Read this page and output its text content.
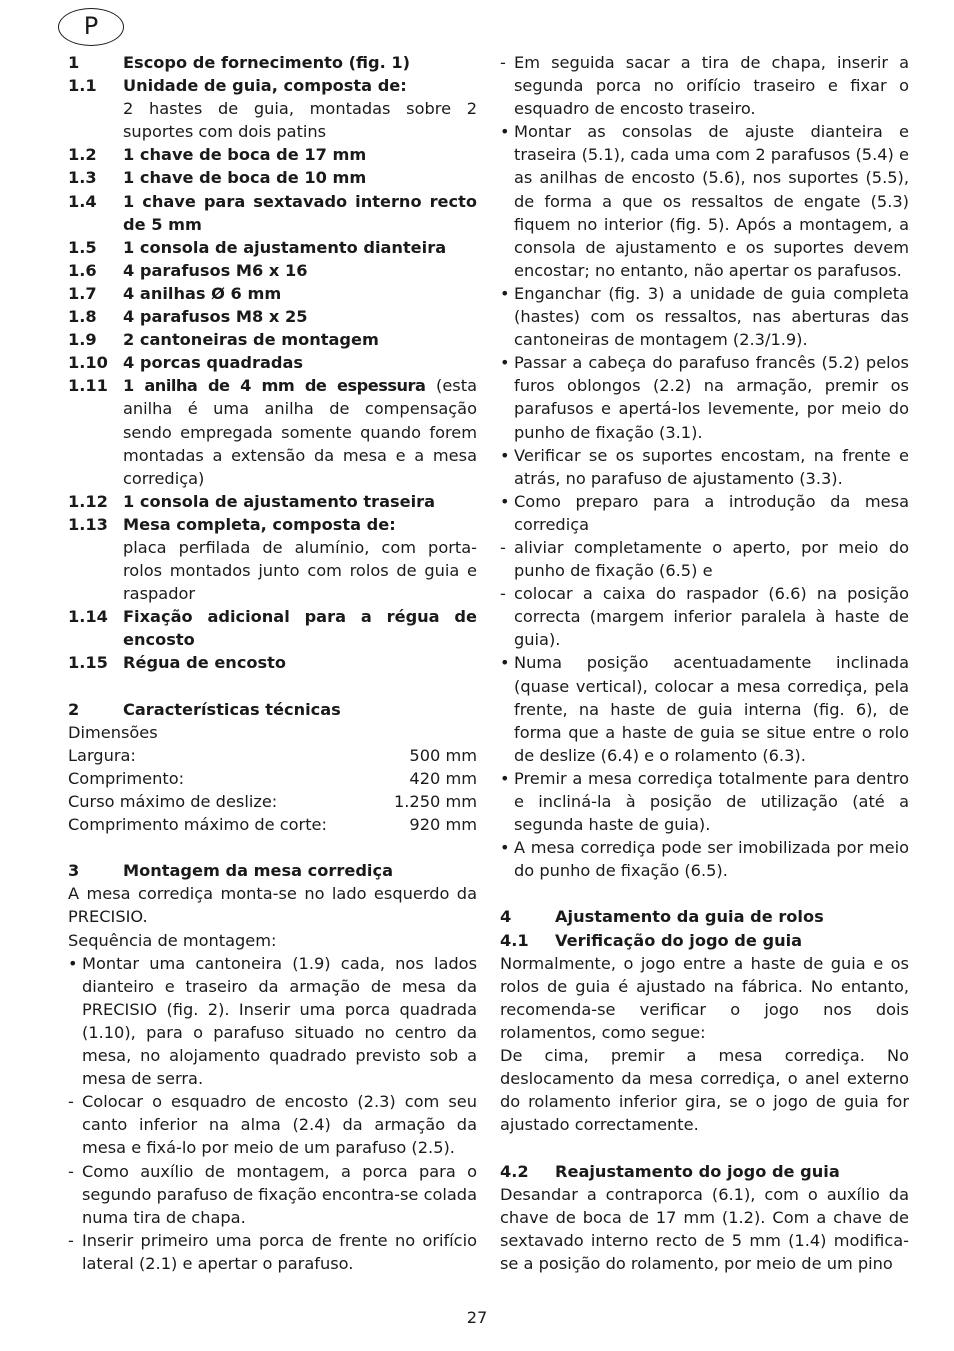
P
1	Escopo de fornecimento (fig. 1)
1.1	Unidade de guia, composta de:
2 hastes de guia, montadas sobre 2 suportes com dois patins
1.2	1 chave de boca de 17 mm
1.3	1 chave de boca de 10 mm
1.4	1 chave para sextavado interno recto de 5 mm
1.5	1 consola de ajustamento dianteira
1.6	4 parafusos M6 x 16
1.7	4 anilhas Ø 6 mm
1.8	4 parafusos M8 x 25
1.9	2 cantoneiras de montagem
1.10 4 porcas quadradas
1.11 1 anilha de 4 mm de espessura (esta anilha é uma anilha de compensação sendo empregada somente quando forem montadas a extensão da mesa e a mesa corrediça)
1.12 1 consola de ajustamento traseira
1.13 Mesa completa, composta de:
placa perfilada de alumínio, com porta-rolos montados junto com rolos de guia e raspador
1.14 Fixação adicional para a régua de encosto
1.15 Régua de encosto
2	Características técnicas
Dimensões
Largura:	500 mm
Comprimento:	420 mm
Curso máximo de deslize:	1.250 mm
Comprimento máximo de corte:	920 mm
3	Montagem da mesa corrediça
A mesa corrediça monta-se no lado esquerdo da PRECISIO.
Sequência de montagem:
• Montar uma cantoneira (1.9) cada, nos lados dianteiro e traseiro da armação de mesa da PRECISIO (fig. 2). Inserir uma porca quadrada (1.10), para o parafuso situado no centro da mesa, no alojamento quadrado previsto sob a mesa de serra.
- Colocar o esquadro de encosto (2.3) com seu canto inferior na alma (2.4) da armação da mesa e fixá-lo por meio de um parafuso (2.5).
- Como auxílio de montagem, a porca para o segundo parafuso de fixação encontra-se colada numa tira de chapa.
- Inserir primeiro uma porca de frente no orifício lateral (2.1) e apertar o parafuso.
- Em seguida sacar a tira de chapa, inserir a segunda porca no orifício traseiro e fixar o esquadro de encosto traseiro.
• Montar as consolas de ajuste dianteira e traseira (5.1), cada uma com 2 parafusos (5.4) e as anilhas de encosto (5.6), nos suportes (5.5), de forma a que os ressaltos de engate (5.3) fiquem no interior (fig. 5). Após a montagem, a consola de ajustamento e os suportes devem encostar; no entanto, não apertar os parafusos.
• Enganchar (fig. 3) a unidade de guia completa (hastes) com os ressaltos, nas aberturas das cantoneiras de montagem (2.3/1.9).
• Passar a cabeça do parafuso francês (5.2) pelos furos oblongos (2.2) na armação, premir os parafusos e apertá-los levemente, por meio do punho de fixação (3.1).
• Verificar se os suportes encostam, na frente e atrás, no parafuso de ajustamento (3.3).
• Como preparo para a introdução da mesa corrediça
- aliviar completamente o aperto, por meio do punho de fixação (6.5) e
- colocar a caixa do raspador (6.6) na posição correcta (margem inferior paralela à haste de guia).
• Numa posição acentuadamente inclinada (quase vertical), colocar a mesa corrediça, pela frente, na haste de guia interna (fig. 6), de forma que a haste de guia se situe entre o rolo de deslize (6.4) e o rolamento (6.3).
• Premir a mesa corrediça totalmente para dentro e incliná-la à posição de utilização (até a segunda haste de guia).
• A mesa corrediça pode ser imobilizada por meio do punho de fixação (6.5).
4	Ajustamento da guia de rolos
4.1	Verificação do jogo de guia
Normalmente, o jogo entre a haste de guia e os rolos de guia é ajustado na fábrica. No entanto, recomenda-se verificar o jogo nos dois rolamentos, como segue:
De cima, premir a mesa corrediça. No deslocamento da mesa corrediça, o anel externo do rolamento inferior gira, se o jogo de guia for ajustado correctamente.
4.2	Reajustamento do jogo de guia
Desandar a contraporca (6.1), com o auxílio da chave de boca de 17 mm (1.2). Com a chave de sextavado interno recto de 5 mm (1.4) modifica-se a posição do rolamento, por meio de um pino
27
